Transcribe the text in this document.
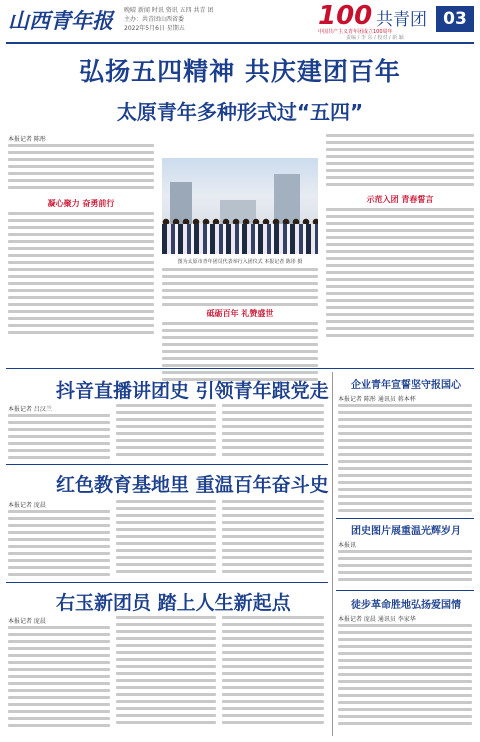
山西青年报	晚晴 新闻 时讯 资讯 五四 共青 团
主办：共青团山西省委
2022年5月6日 星期五	100
中国共产主义青年团成立100周年
共青团 03
责编 / 李 东 / 校对 / 新 颖
弘扬五四精神 共庆建团百年
太原青年多种形式过“五四”
本报记者 陈彤
凝心聚力 奋勇前行
图为太原市青年团员代表举行入团仪式 本报记者 陈彤 摄
砥砺百年 礼赞盛世
示范入团 青春誓言
抖音直播讲团史 引领青年跟党走
本报记者 吕汉兰
红色教育基地里 重温百年奋斗史
本报记者 庞晨
右玉新团员 踏上人生新起点
本报记者 庞晨
企业青年宣誓坚守报国心
本报记者 陈彤 通讯员 蒋本杯
团史图片展重温光辉岁月
本报讯
徒步革命胜地弘扬爱国情
本报记者 庞晨 通讯员 李家华
